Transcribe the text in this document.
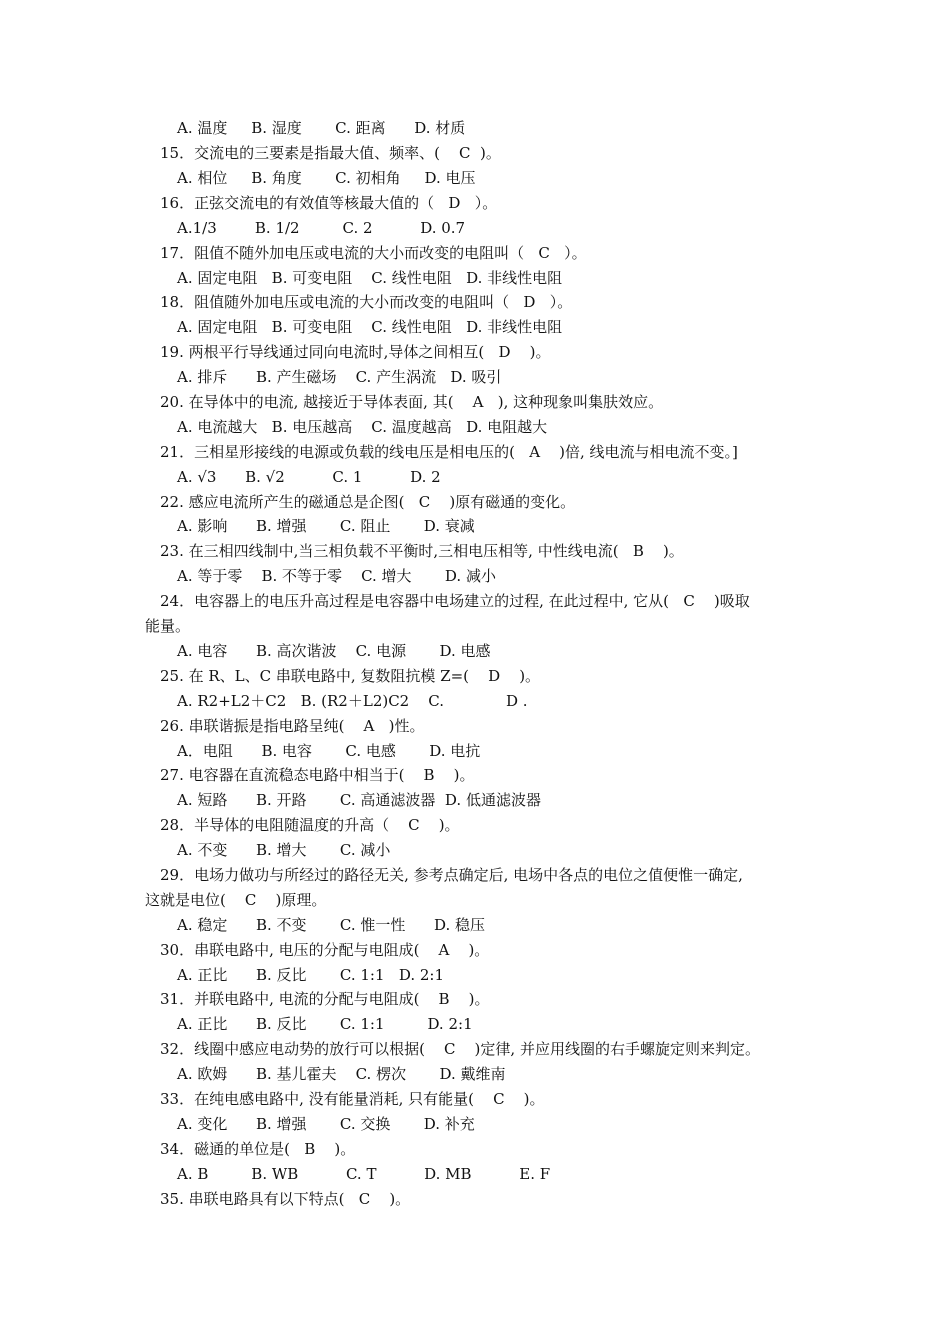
A. 温度     B. 湿度       C. 距离      D. 材质
15．交流电的三要素是指最大值、频率、(    C  )。
A. 相位     B. 角度       C. 初相角     D. 电压
16．正弦交流电的有效值等核最大值的（   D   ）。
A.1/3        B. 1/2         C. 2          D. 0.7
17．阻值不随外加电压或电流的大小而改变的电阻叫（   C   ）。
A. 固定电阻   B. 可变电阻    C. 线性电阻   D. 非线性电阻
18．阻值随外加电压或电流的大小而改变的电阻叫（   D   ）。
A. 固定电阻   B. 可变电阻    C. 线性电阻   D. 非线性电阻
19. 两根平行导线通过同向电流时,导体之间相互(   D    )。
A. 排斥      B. 产生磁场    C. 产生涡流   D. 吸引
20. 在导体中的电流, 越接近于导体表面, 其(    A   ), 这种现象叫集肤效应。
A. 电流越大   B. 电压越高    C. 温度越高   D. 电阻越大
21．三相星形接线的电源或负载的线电压是相电压的(   A    )倍, 线电流与相电流不变。]
A. √3      B. √2          C. 1          D. 2
22. 感应电流所产生的磁通总是企图(   C    )原有磁通的变化。
A. 影响      B. 增强       C. 阻止       D. 衰减
23. 在三相四线制中,当三相负载不平衡时,三相电压相等, 中性线电流(   B    )。
A. 等于零    B. 不等于零    C. 增大       D. 减小
24．电容器上的电压升高过程是电容器中电场建立的过程, 在此过程中, 它从(   C    )吸取
能量。
A. 电容      B. 高次谐波    C. 电源       D. 电感
25. 在 R、L、C 串联电路中, 复数阻抗模 Z=(    D    )。
A. R2+L2＋C2   B. (R2＋L2)C2    C.             D .
26. 串联谐振是指电路呈纯(    A   )性。
A．电阻      B. 电容       C. 电感       D. 电抗
27. 电容器在直流稳态电路中相当于(    B    )。
A. 短路      B. 开路       C. 高通滤波器  D. 低通滤波器
28．半导体的电阻随温度的升高（    C    )。
A. 不变      B. 增大       C. 减小
29．电场力做功与所经过的路径无关, 参考点确定后, 电场中各点的电位之值便惟一确定,
这就是电位(    C    )原理。
A. 稳定      B. 不变       C. 惟一性      D. 稳压
30．串联电路中, 电压的分配与电阻成(    A    )。
A. 正比      B. 反比       C. 1:1   D. 2:1
31．并联电路中, 电流的分配与电阻成(    B    )。
A. 正比      B. 反比       C. 1:1         D. 2:1
32．线圈中感应电动势的放行可以根据(    C    )定律, 并应用线圈的右手螺旋定则来判定。
A. 欧姆      B. 基儿霍夫    C. 楞次       D. 戴维南
33．在纯电感电路中, 没有能量消耗, 只有能量(    C    )。
A. 变化      B. 增强       C. 交换       D. 补充
34．磁通的单位是(   B    )。
A. B         B. WB          C. T          D. MB          E. F
35. 串联电路具有以下特点(   C    )。
